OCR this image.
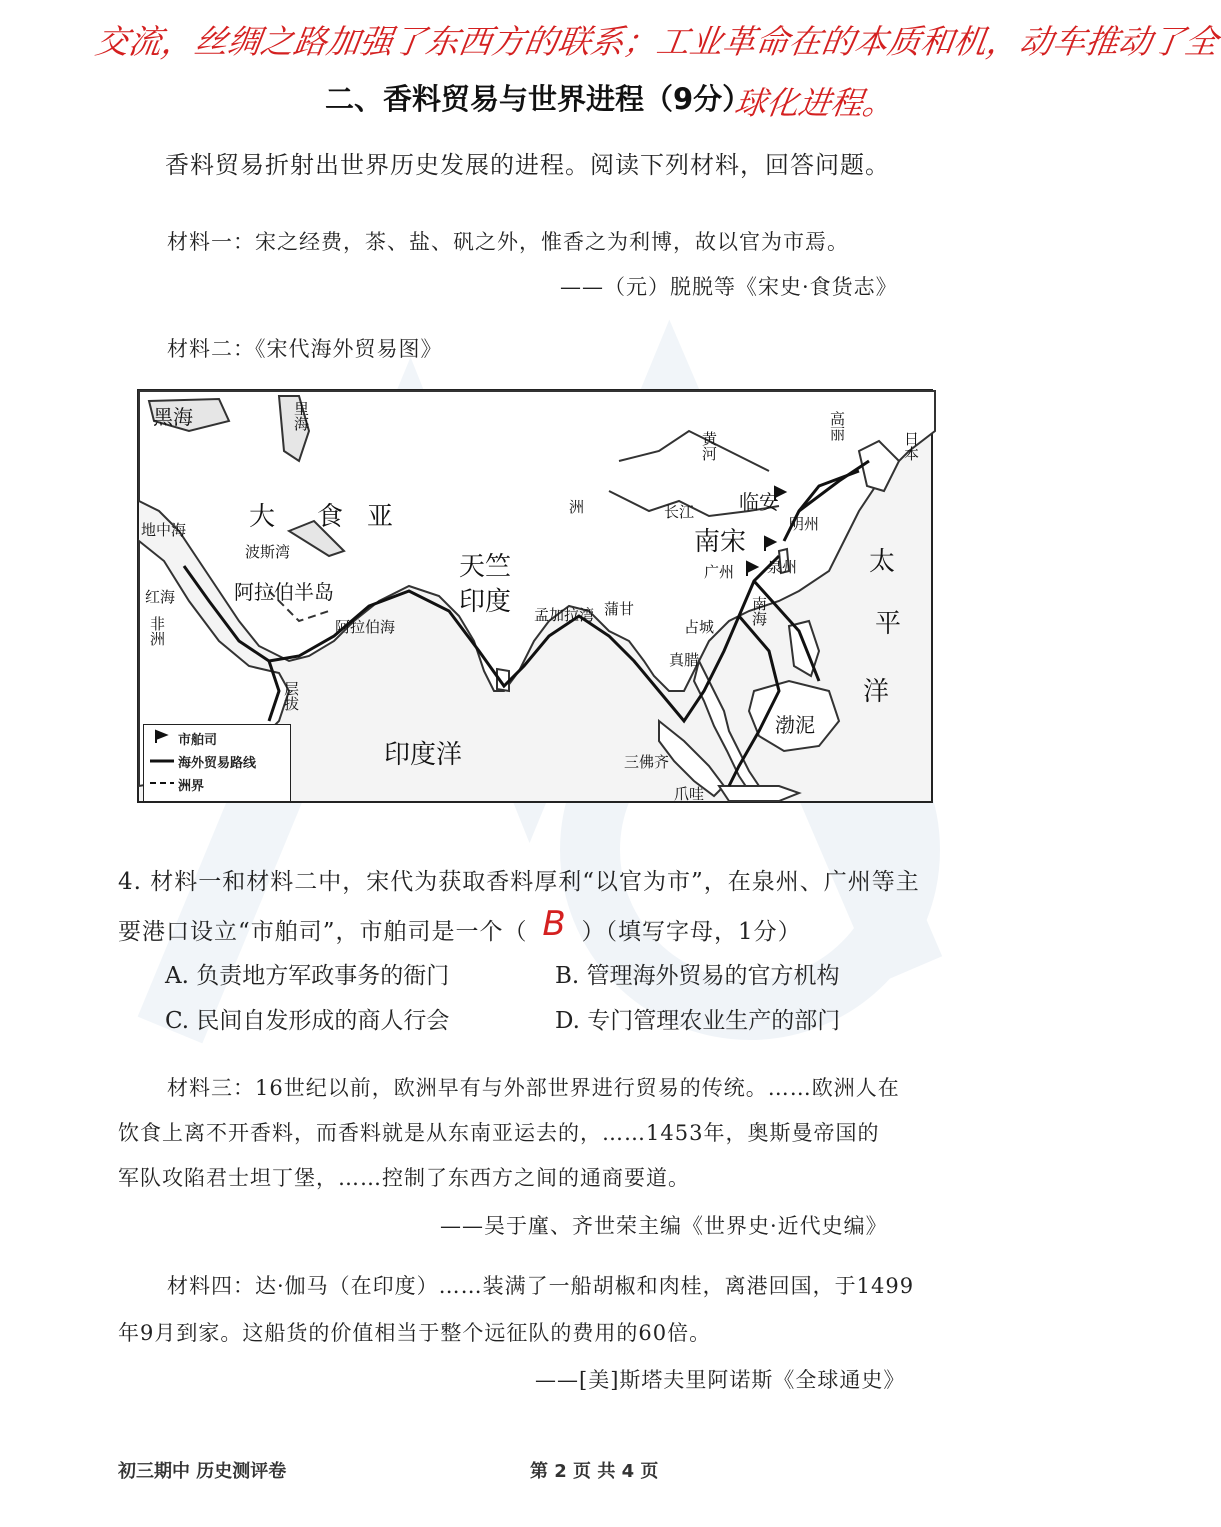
交流，丝绸之路加强了东西方的联系；工业革命在的本质和机，动车推动了全
球化进程。
二、香料贸易与世界进程（9分）
香料贸易折射出世界历史发展的进程。阅读下列材料，回答问题。
材料一：宋之经费，茶、盐、矾之外，惟香之为利博，故以官为市焉。
——（元）脱脱等《宋史·食货志》
材料二：《宋代海外贸易图》
黑海	里海
地中海 大 食 亚
波斯湾
阿拉伯半岛
红海
非洲	阿拉伯海
天竺
印度 孟加拉湾
洲
黄河
长江
南宋
临安
明州
泉州
广州
高丽
日本
太
平
洋
南海
蒲甘
占城
真腊
渤泥
印度洋	三佛齐
爪哇
层拔
市舶司
海外贸易路线
洲界
4. 材料一和材料二中，宋代为获取香料厚利“以官为市”，在泉州、广州等主
要港口设立“市舶司”，市舶司是一个（ B ）（填写字母，1分）
A. 负责地方军政事务的衙门	B. 管理海外贸易的官方机构
C. 民间自发形成的商人行会	D. 专门管理农业生产的部门
材料三：16世纪以前，欧洲早有与外部世界进行贸易的传统。……欧洲人在
饮食上离不开香料，而香料就是从东南亚运去的，……1453年，奥斯曼帝国的
军队攻陷君士坦丁堡，……控制了东西方之间的通商要道。
——吴于廑、齐世荣主编《世界史·近代史编》
材料四：达·伽马（在印度）……装满了一船胡椒和肉桂，离港回国，于1499
年9月到家。这船货的价值相当于整个远征队的费用的60倍。
——[美]斯塔夫里阿诺斯《全球通史》
初三期中 历史测评卷	第 2 页 共 4 页
